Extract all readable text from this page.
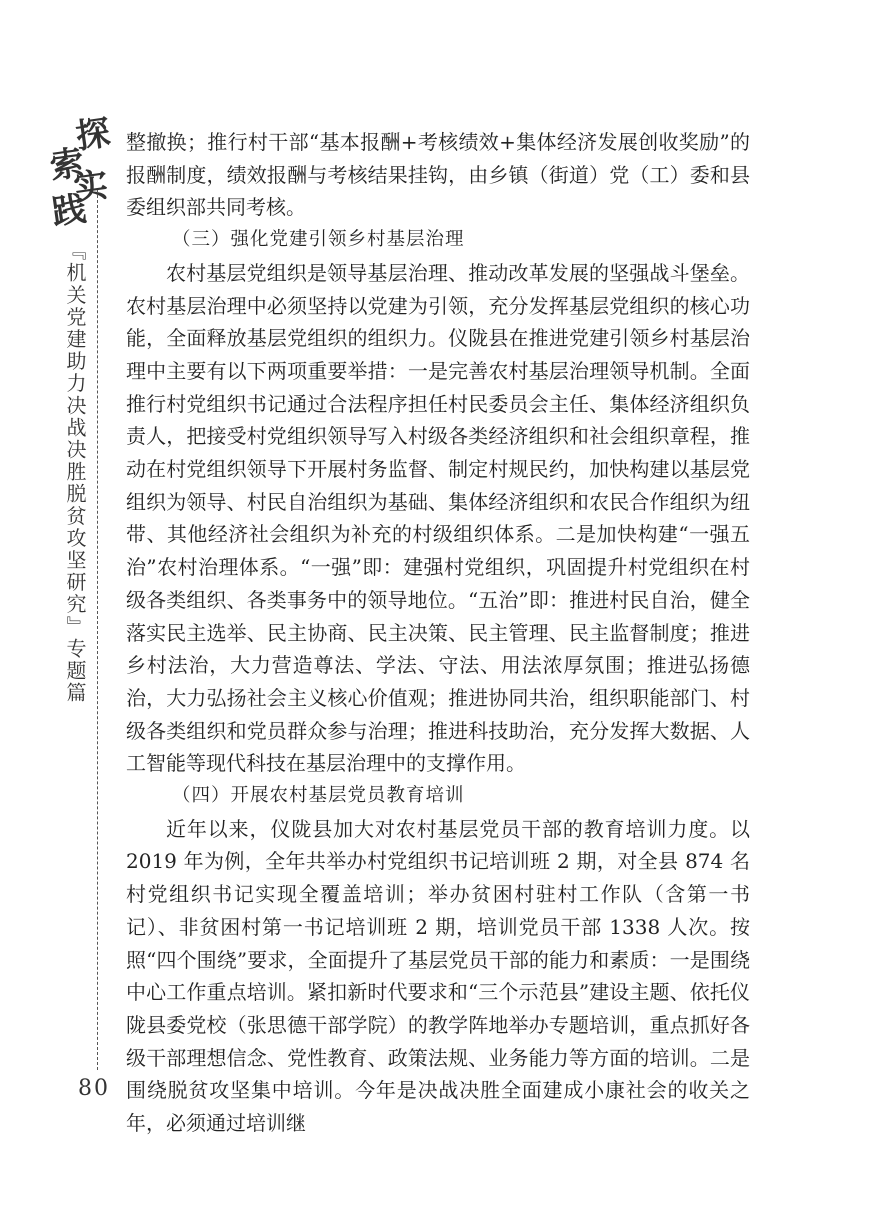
探
索
实
践
『机关党建助力决战决胜脱贫攻坚研究』专题篇
80

整撤换；推行村干部“基本报酬+考核绩效+集体经济发展创收奖励”的报酬制度，绩效报酬与考核结果挂钩，由乡镇（街道）党（工）委和县委组织部共同考核。

（三）强化党建引领乡村基层治理

农村基层党组织是领导基层治理、推动改革发展的坚强战斗堡垒。农村基层治理中必须坚持以党建为引领，充分发挥基层党组织的核心功能，全面释放基层党组织的组织力。仪陇县在推进党建引领乡村基层治理中主要有以下两项重要举措：一是完善农村基层治理领导机制。全面推行村党组织书记通过合法程序担任村民委员会主任、集体经济组织负责人，把接受村党组织领导写入村级各类经济组织和社会组织章程，推动在村党组织领导下开展村务监督、制定村规民约，加快构建以基层党组织为领导、村民自治组织为基础、集体经济组织和农民合作组织为纽带、其他经济社会组织为补充的村级组织体系。二是加快构建“一强五治”农村治理体系。“一强”即：建强村党组织，巩固提升村党组织在村级各类组织、各类事务中的领导地位。“五治”即：推进村民自治，健全落实民主选举、民主协商、民主决策、民主管理、民主监督制度；推进乡村法治，大力营造尊法、学法、守法、用法浓厚氛围；推进弘扬德治，大力弘扬社会主义核心价值观；推进协同共治，组织职能部门、村级各类组织和党员群众参与治理；推进科技助治，充分发挥大数据、人工智能等现代科技在基层治理中的支撑作用。

（四）开展农村基层党员教育培训

近年以来，仪陇县加大对农村基层党员干部的教育培训力度。以 2019 年为例，全年共举办村党组织书记培训班 2 期，对全县 874 名村党组织书记实现全覆盖培训；举办贫困村驻村工作队（含第一书记）、非贫困村第一书记培训班 2 期，培训党员干部 1338 人次。按照“四个围绕”要求，全面提升了基层党员干部的能力和素质：一是围绕中心工作重点培训。紧扣新时代要求和“三个示范县”建设主题、依托仪陇县委党校（张思德干部学院）的教学阵地举办专题培训，重点抓好各级干部理想信念、党性教育、政策法规、业务能力等方面的培训。二是围绕脱贫攻坚集中培训。今年是决战决胜全面建成小康社会的收关之年，必须通过培训继
